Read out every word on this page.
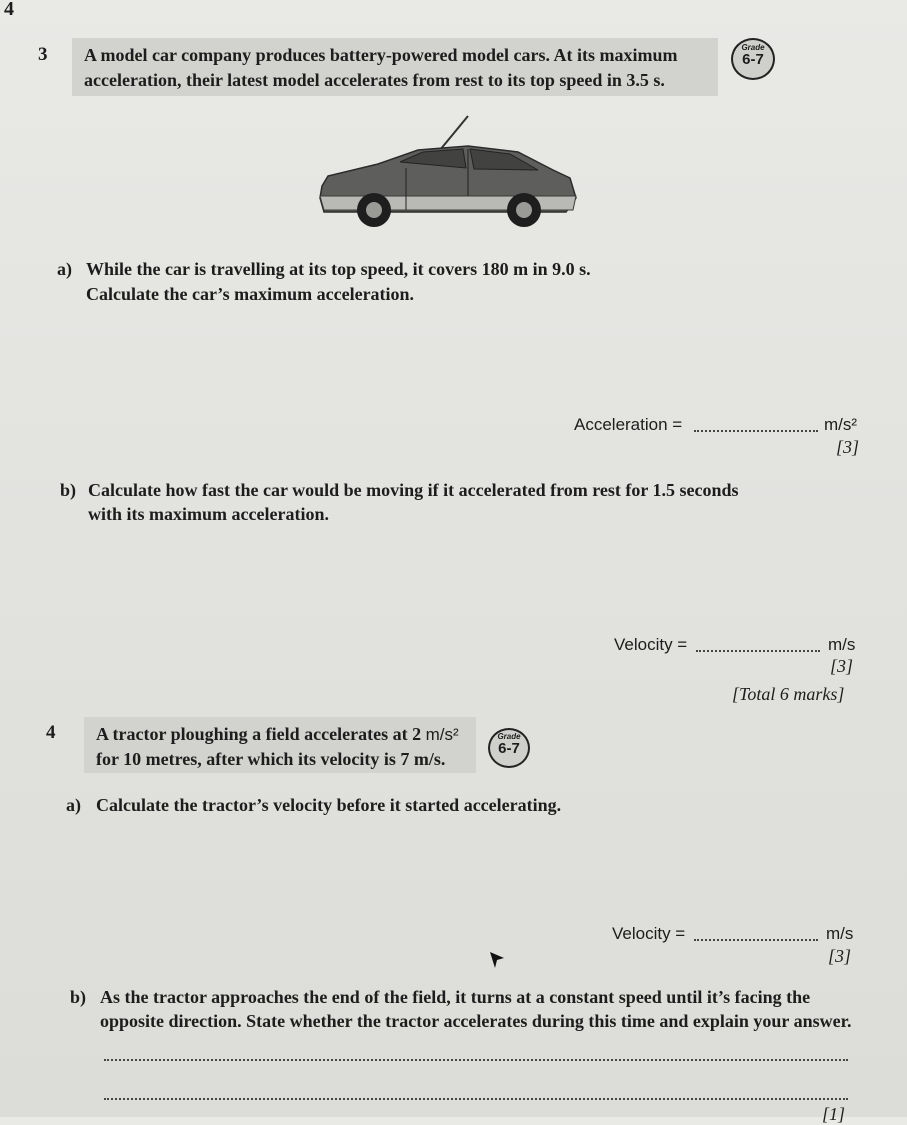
4
3 A model car company produces battery-powered model cars. At its maximum
acceleration, their latest model accelerates from rest to its top speed in 3.5 s.
Grade
6-7
a) While the car is travelling at its top speed, it covers 180 m in 9.0 s.
Calculate the car’s maximum acceleration.
Acceleration =	m/s²
[3]
b) Calculate how fast the car would be moving if it accelerated from rest for 1.5 seconds
with its maximum acceleration.
Velocity =	m/s
[3]
[Total 6 marks]
4 A tractor ploughing a field accelerates at 2 m/s²
for 10 metres, after which its velocity is 7 m/s.
Grade
6-7
a) Calculate the tractor’s velocity before it started accelerating.
Velocity =	m/s
[3]
b) As the tractor approaches the end of the field, it turns at a constant speed until it’s facing the
opposite direction. State whether the tractor accelerates during this time and explain your answer.
[1]
